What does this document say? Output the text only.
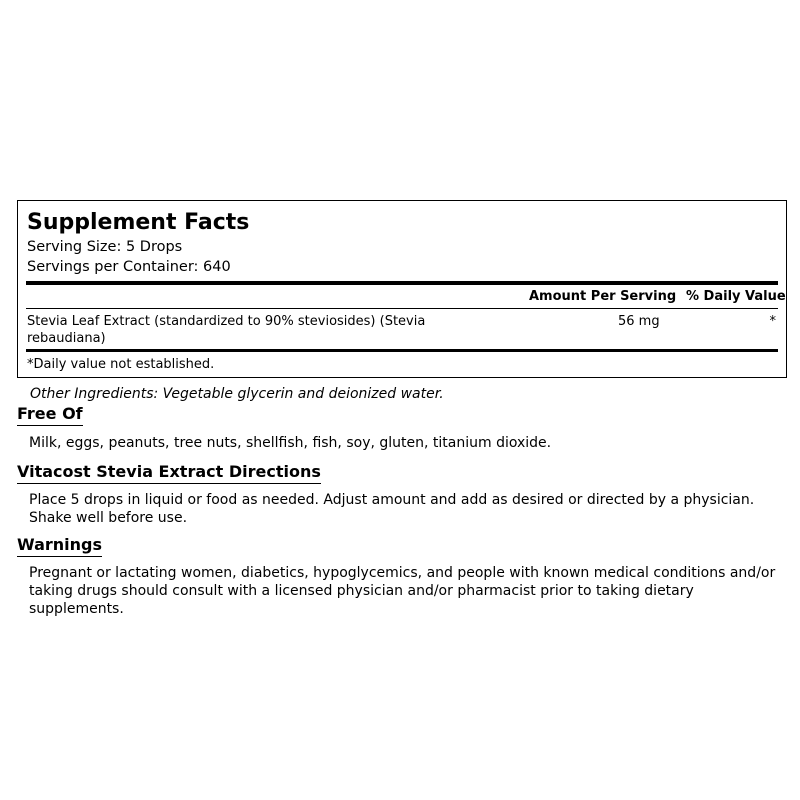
Supplement Facts
Serving Size: 5 Drops
Servings per Container: 640
Amount Per Serving % Daily Value
Stevia Leaf Extract (standardized to 90% steviosides) (Stevia rebaudiana)
56 mg	*
*Daily value not established.
Other Ingredients: Vegetable glycerin and deionized water.
Free Of
Milk, eggs, peanuts, tree nuts, shellfish, fish, soy, gluten, titanium dioxide.
Vitacost Stevia Extract Directions
Place 5 drops in liquid or food as needed. Adjust amount and add as desired or directed by a physician. Shake well before use.
Warnings
Pregnant or lactating women, diabetics, hypoglycemics, and people with known medical conditions and/or taking drugs should consult with a licensed physician and/or pharmacist prior to taking dietary supplements.
